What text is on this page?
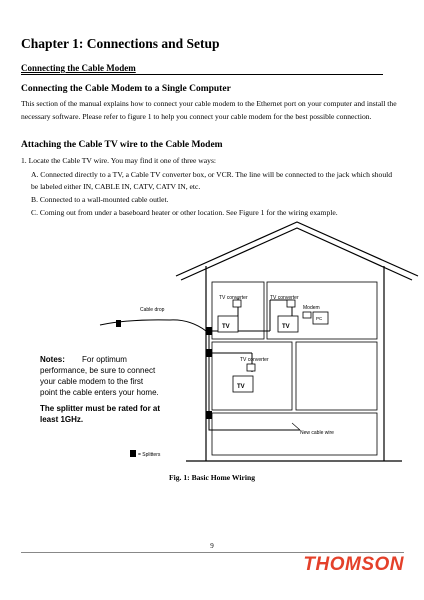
Chapter 1: Connections and Setup
Connecting the Cable Modem
Connecting the Cable Modem to a Single Computer
This section of the manual explains how to connect your cable modem to the Ethernet port on your computer and install the necessary software. Please refer to figure 1 to help you connect your cable modem for the best possible connection.
Attaching the Cable TV wire to the Cable Modem
1. Locate the Cable TV wire. You may find it one of three ways:
A. Connected directly to a TV, a Cable TV converter box, or VCR. The line will be connected to the jack which should be labeled either IN, CABLE IN, CATV, CATV IN, etc.
B. Connected to a wall-mounted cable outlet.
C. Coming out from under a baseboard heater or other location. See Figure 1 for the wiring example.
Cable drop
TV converter	TV converter
Modem
TV converter
New cable wire
= Splitters
TV	TV
TV
PC
Notes: For optimum
performance, be sure to connect
your cable modem to the first
point the cable enters your home.
The splitter must be rated for at
least 1GHz.
Fig. 1: Basic Home Wiring
9
THOMSON
